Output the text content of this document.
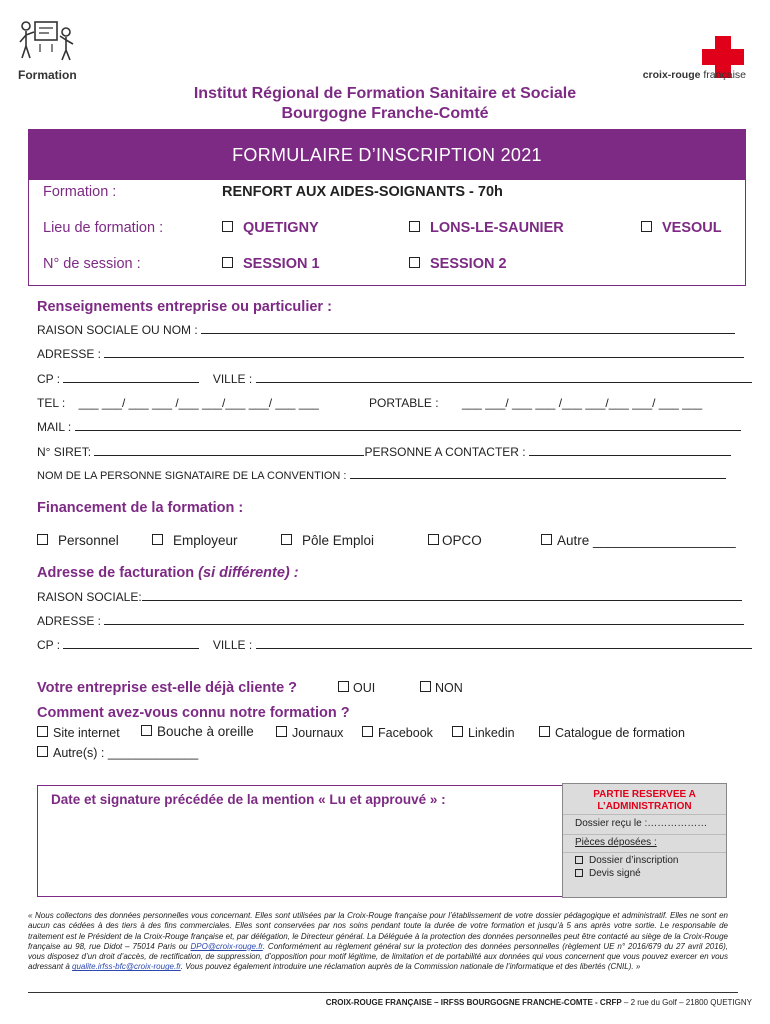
Formation	croix-rouge française
Institut Régional de Formation Sanitaire et Sociale
Bourgogne Franche-Comté
FORMULAIRE D’INSCRIPTION 2021
Formation :	RENFORT AUX AIDES-SOIGNANTS - 70h
Lieu de formation :	QUETIGNY	LONS-LE-SAUNIER	VESOUL
N° de session :	SESSION 1	SESSION 2
Renseignements entreprise ou particulier :
RAISON SOCIALE OU NOM :
ADRESSE :
CP :	VILLE :
TEL : ___ ___/ ___ ___ /___ ___/___ ___/ ___ ___	PORTABLE : ___ ___/ ___ ___ /___ ___/___ ___/ ___ ___
MAIL :
N° SIRET:	PERSONNE A CONTACTER :
NOM DE LA PERSONNE SIGNATAIRE DE LA CONVENTION :
Financement de la formation :
Personnel	Employeur	Pôle Emploi	OPCO	Autre ___________________
Adresse de facturation (si différente) :
RAISON SOCIALE:
ADRESSE :
CP :	VILLE :
Votre entreprise est-elle déjà cliente ?	OUI	NON
Comment avez-vous connu notre formation ?
Site internet	Bouche à oreille	Journaux	Facebook	Linkedin	Catalogue de formation
Autre(s) : _____________
Date et signature précédée de la mention « Lu et approuvé » :	PARTIE RESERVEE A
L’ADMINISTRATION
Dossier reçu le :………………
Pièces déposées :
Dossier d’inscription
Devis signé
« Nous collectons des données personnelles vous concernant. Elles sont utilisées par la Croix-Rouge française pour l’établissement de votre dossier pédagogique et administratif. Elles ne sont en aucun cas cédées à des tiers à des fins commerciales. Elles sont conservées par nos soins pendant toute la durée de votre formation et jusqu’à 5 ans après votre sortie. Le responsable de traitement est le Président de la Croix-Rouge française et, par délégation, le Directeur général. La Déléguée à la protection des données personnelles peut être contacté au siège de la Croix-Rouge française au 98, rue Didot – 75014 Paris ou DPO@croix-rouge.fr. Conformément au règlement général sur la protection des données personnelles (règlement UE n° 2016/679 du 27 avril 2016), vous disposez d’un droit d’accès, de rectification, de suppression, d’opposition pour motif légitime, de limitation et de portabilité aux données qui vous concernent que vous pouvez exercer en vous adressant à qualite.irfss-bfc@croix-rouge.fr. Vous pouvez également introduire une réclamation auprès de la Commission nationale de l’informatique et des libertés (CNIL). »
CROIX-ROUGE FRANÇAISE – IRFSS BOURGOGNE FRANCHE-COMTE - CRFP – 2 rue du Golf – 21800 QUETIGNY
